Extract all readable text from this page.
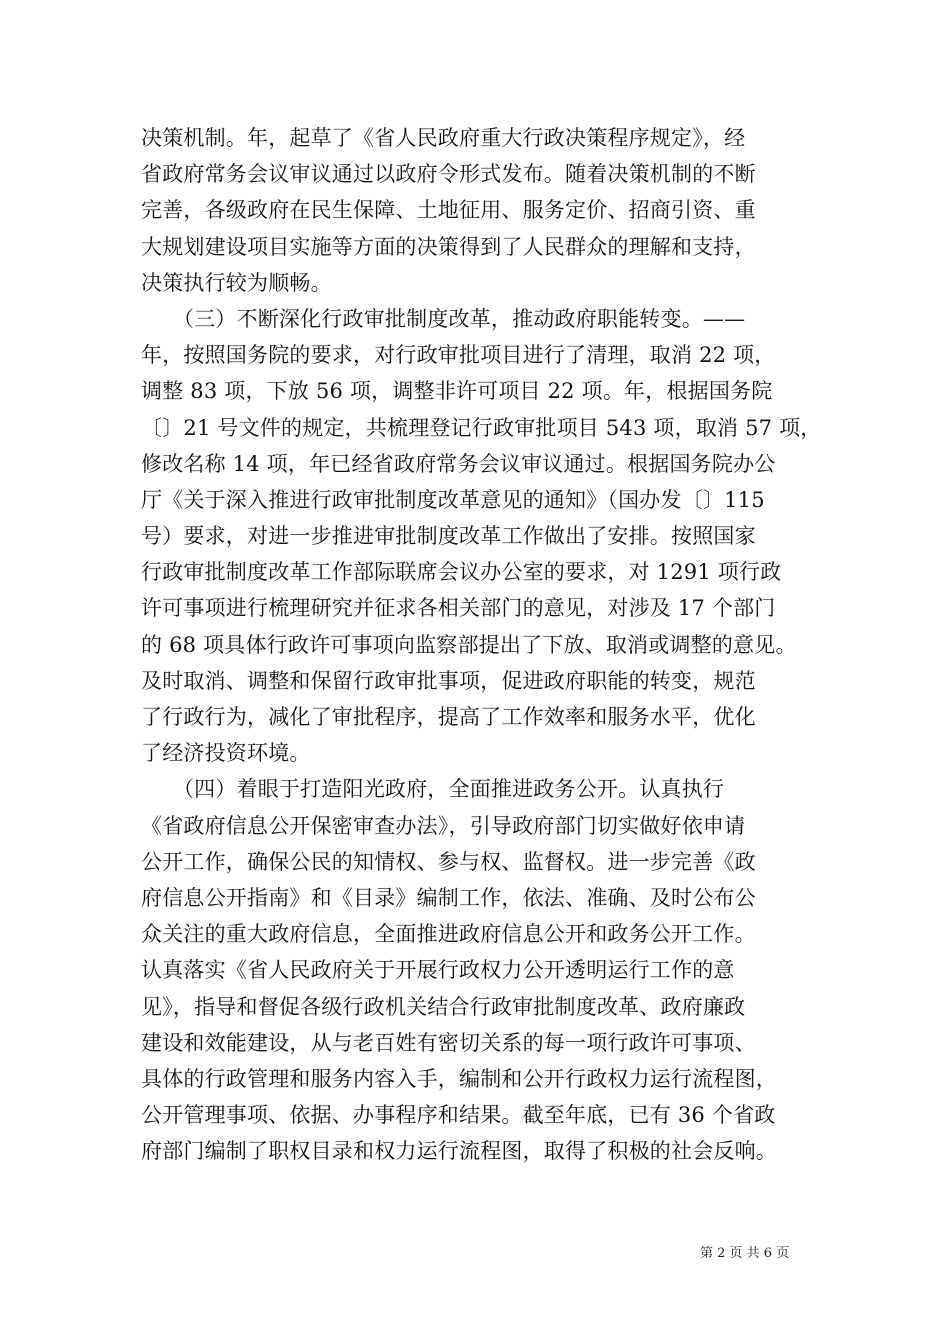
决策机制。年，起草了《省人民政府重大行政决策程序规定》，经
省政府常务会议审议通过以政府令形式发布。随着决策机制的不断
完善，各级政府在民生保障、土地征用、服务定价、招商引资、重
大规划建设项目实施等方面的决策得到了人民群众的理解和支持，
决策执行较为顺畅。
　　（三）不断深化行政审批制度改革，推动政府职能转变。——
年，按照国务院的要求，对行政审批项目进行了清理，取消 22 项，
调整 83 项，下放 56 项，调整非许可项目 22 项。年，根据国务院
〔〕21 号文件的规定，共梳理登记行政审批项目 543 项，取消 57 项，
修改名称 14 项，年已经省政府常务会议审议通过。根据国务院办公
厅《关于深入推进行政审批制度改革意见的通知》（国办发〔〕115
号）要求，对进一步推进审批制度改革工作做出了安排。按照国家
行政审批制度改革工作部际联席会议办公室的要求，对 1291 项行政
许可事项进行梳理研究并征求各相关部门的意见，对涉及 17 个部门
的 68 项具体行政许可事项向监察部提出了下放、取消或调整的意见。
及时取消、调整和保留行政审批事项，促进政府职能的转变，规范
了行政行为，减化了审批程序，提高了工作效率和服务水平，优化
了经济投资环境。
　　（四）着眼于打造阳光政府，全面推进政务公开。认真执行
《省政府信息公开保密审查办法》，引导政府部门切实做好依申请
公开工作，确保公民的知情权、参与权、监督权。进一步完善《政
府信息公开指南》和《目录》编制工作，依法、准确、及时公布公
众关注的重大政府信息，全面推进政府信息公开和政务公开工作。
认真落实《省人民政府关于开展行政权力公开透明运行工作的意
见》，指导和督促各级行政机关结合行政审批制度改革、政府廉政
建设和效能建设，从与老百姓有密切关系的每一项行政许可事项、
具体的行政管理和服务内容入手，编制和公开行政权力运行流程图，
公开管理事项、依据、办事程序和结果。截至年底，已有 36 个省政
府部门编制了职权目录和权力运行流程图，取得了积极的社会反响。
第 2 页 共 6 页
